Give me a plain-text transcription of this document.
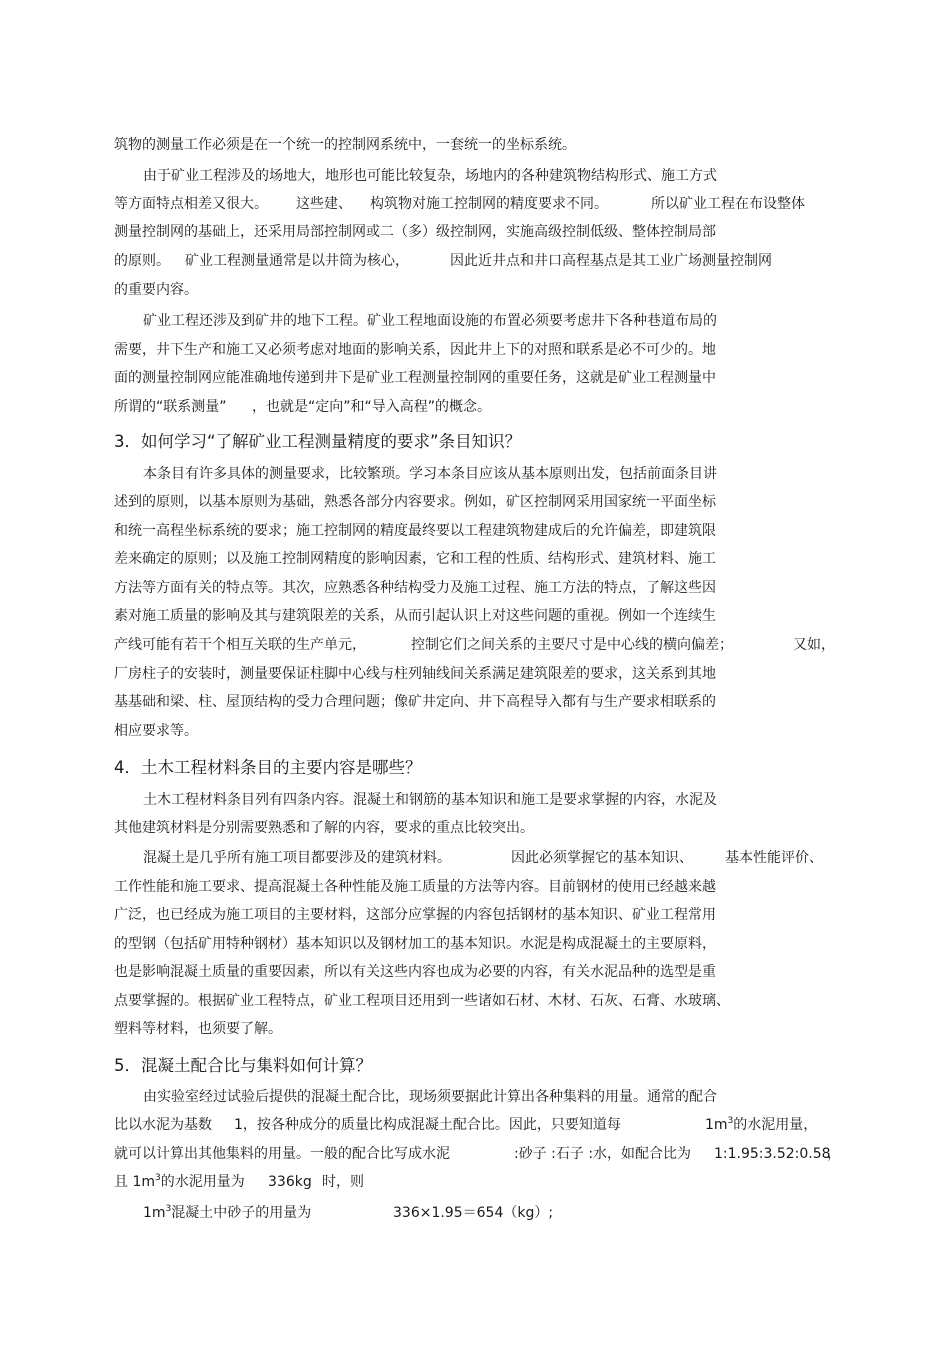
筑物的测量工作必须是在一个统一的控制网系统中，一套统一的坐标系统。
由于矿业工程涉及的场地大，地形也可能比较复杂，场地内的各种建筑物结构形式、施工方式
等方面特点相差又很大。 这些建、 构筑物对施工控制网的精度要求不同。	所以矿业工程在布设整体
测量控制网的基础上，还采用局部控制网或二（多）级控制网，实施高级控制低级、整体控制局部
的原则。 矿业工程测量通常是以井筒为核心，	因此近井点和井口高程基点是其工业广场测量控制网
的重要内容。
矿业工程还涉及到矿井的地下工程。矿业工程地面设施的布置必须要考虑井下各种巷道布局的
需要，井下生产和施工又必须考虑对地面的影响关系，因此井上下的对照和联系是必不可少的。地
面的测量控制网应能准确地传递到井下是矿业工程测量控制网的重要任务，这就是矿业工程测量中
所谓的“联系测量” ，也就是“定向”和“导入高程”的概念。
3．如何学习“了解矿业工程测量精度的要求”条目知识？
本条目有许多具体的测量要求，比较繁琐。学习本条目应该从基本原则出发，包括前面条目讲
述到的原则，以基本原则为基础，熟悉各部分内容要求。例如，矿区控制网采用国家统一平面坐标
和统一高程坐标系统的要求；施工控制网的精度最终要以工程建筑物建成后的允许偏差，即建筑限
差来确定的原则；以及施工控制网精度的影响因素，它和工程的性质、结构形式、建筑材料、施工
方法等方面有关的特点等。其次，应熟悉各种结构受力及施工过程、施工方法的特点，了解这些因
素对施工质量的影响及其与建筑限差的关系，从而引起认识上对这些问题的重视。例如一个连续生
产线可能有若干个相互关联的生产单元，	控制它们之间关系的主要尺寸是中心线的横向偏差；	又如，
厂房柱子的安装时，测量要保证柱脚中心线与柱列轴线间关系满足建筑限差的要求，这关系到其地
基基础和梁、柱、屋顶结构的受力合理问题；像矿井定向、井下高程导入都有与生产要求相联系的
相应要求等。
4．土木工程材料条目的主要内容是哪些？
土木工程材料条目列有四条内容。混凝土和钢筋的基本知识和施工是要求掌握的内容，水泥及
其他建筑材料是分别需要熟悉和了解的内容，要求的重点比较突出。
混凝土是几乎所有施工项目都要涉及的建筑材料。	因此必须掌握它的基本知识、 基本性能评价、
工作性能和施工要求、提高混凝土各种性能及施工质量的方法等内容。目前钢材的使用已经越来越
广泛，也已经成为施工项目的主要材料，这部分应掌握的内容包括钢材的基本知识、矿业工程常用
的型钢（包括矿用特种钢材）基本知识以及钢材加工的基本知识。水泥是构成混凝土的主要原料，
也是影响混凝土质量的重要因素，所以有关这些内容也成为必要的内容，有关水泥品种的选型是重
点要掌握的。根据矿业工程特点，矿业工程项目还用到一些诸如石材、木材、石灰、石膏、水玻璃、
塑料等材料，也须要了解。
5．混凝土配合比与集料如何计算？
由实验室经过试验后提供的混凝土配合比，现场须要据此计算出各种集料的用量。通常的配合
比以水泥为基数 1，按各种成分的质量比构成混凝土配合比。因此，只要知道每	$1m^3$的水泥用量，
就可以计算出其他集料的用量。一般的配合比写成水泥	:砂子 :石子 :水，如配合比为 1:1.95:3.52:0.58
，
且 $1m^3$的水泥用量为 336kg 时，则
$1m^3$混凝土中砂子的用量为	336×1.95＝654（kg）;
